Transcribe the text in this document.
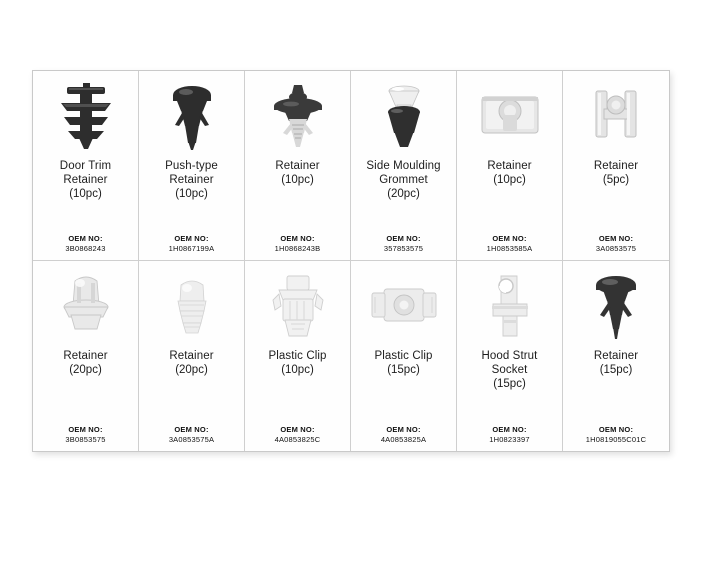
Door Trim
Retainer
(10pc)
OEM NO:
3B0868243
Push-type
Retainer
(10pc)
OEM NO:
1H0867199A
Retainer
(10pc)
OEM NO:
1H0868243B
Side Moulding
Grommet
(20pc)
OEM NO:
357853575
Retainer
(10pc)
OEM NO:
1H0853585A
Retainer
(5pc)
OEM NO:
3A0853575
Retainer
(20pc)
OEM NO:
3B0853575
Retainer
(20pc)
OEM NO:
3A0853575A
Plastic Clip
(10pc)
OEM NO:
4A0853825C
Plastic Clip
(15pc)
OEM NO:
4A0853825A
Hood Strut
Socket
(15pc)
OEM NO:
1H0823397
Retainer
(15pc)
OEM NO:
1H0819055C01C
